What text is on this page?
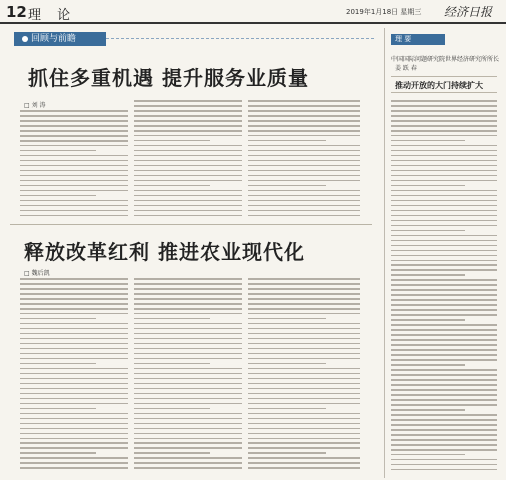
12 理 论	2019年1月18日 星期三 经济日报
回顾与前瞻
抓住多重机遇 提升服务业质量
□ 刘 涛
释放改革红利 推进农业现代化
□ 魏后凯
理 要
中国国际问题研究院世界经济研究所所长
姜 跃 春
推动开放的大门持续扩大
